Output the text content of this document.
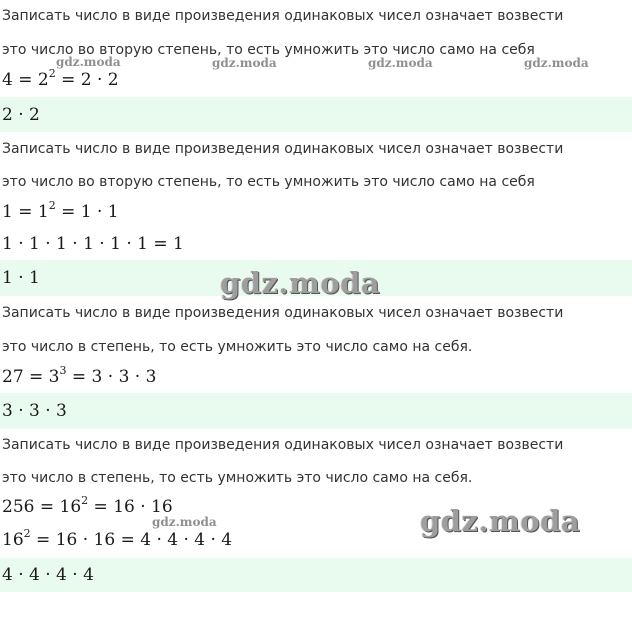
Записать число в виде произведения одинаковых чисел означает возвести
это число во вторую степень, то есть умножить это число само на себя
$4 = 2^2 = 2 \cdot 2$
2 · 2
Записать число в виде произведения одинаковых чисел означает возвести
это число во вторую степень, то есть умножить это число само на себя
$1 = 1^2 = 1 \cdot 1$
1 · 1 · 1 · 1 · 1 · 1 = 1
1 · 1
Записать число в виде произведения одинаковых чисел означает возвести
это число в степень, то есть умножить это число само на себя.
$27 = 3^3 = 3 \cdot 3 \cdot 3$
3 · 3 · 3
Записать число в виде произведения одинаковых чисел означает возвести
это число в степень, то есть умножить это число само на себя.
$256 = 16^2 = 16 \cdot 16$
$16^2 = 16 \cdot 16 = 4 \cdot 4 \cdot 4 \cdot 4$
4 · 4 · 4 · 4
gdz.moda	gdz.moda	gdz.moda	gdz.moda
gdz.moda
gdz.moda
gdz.moda
